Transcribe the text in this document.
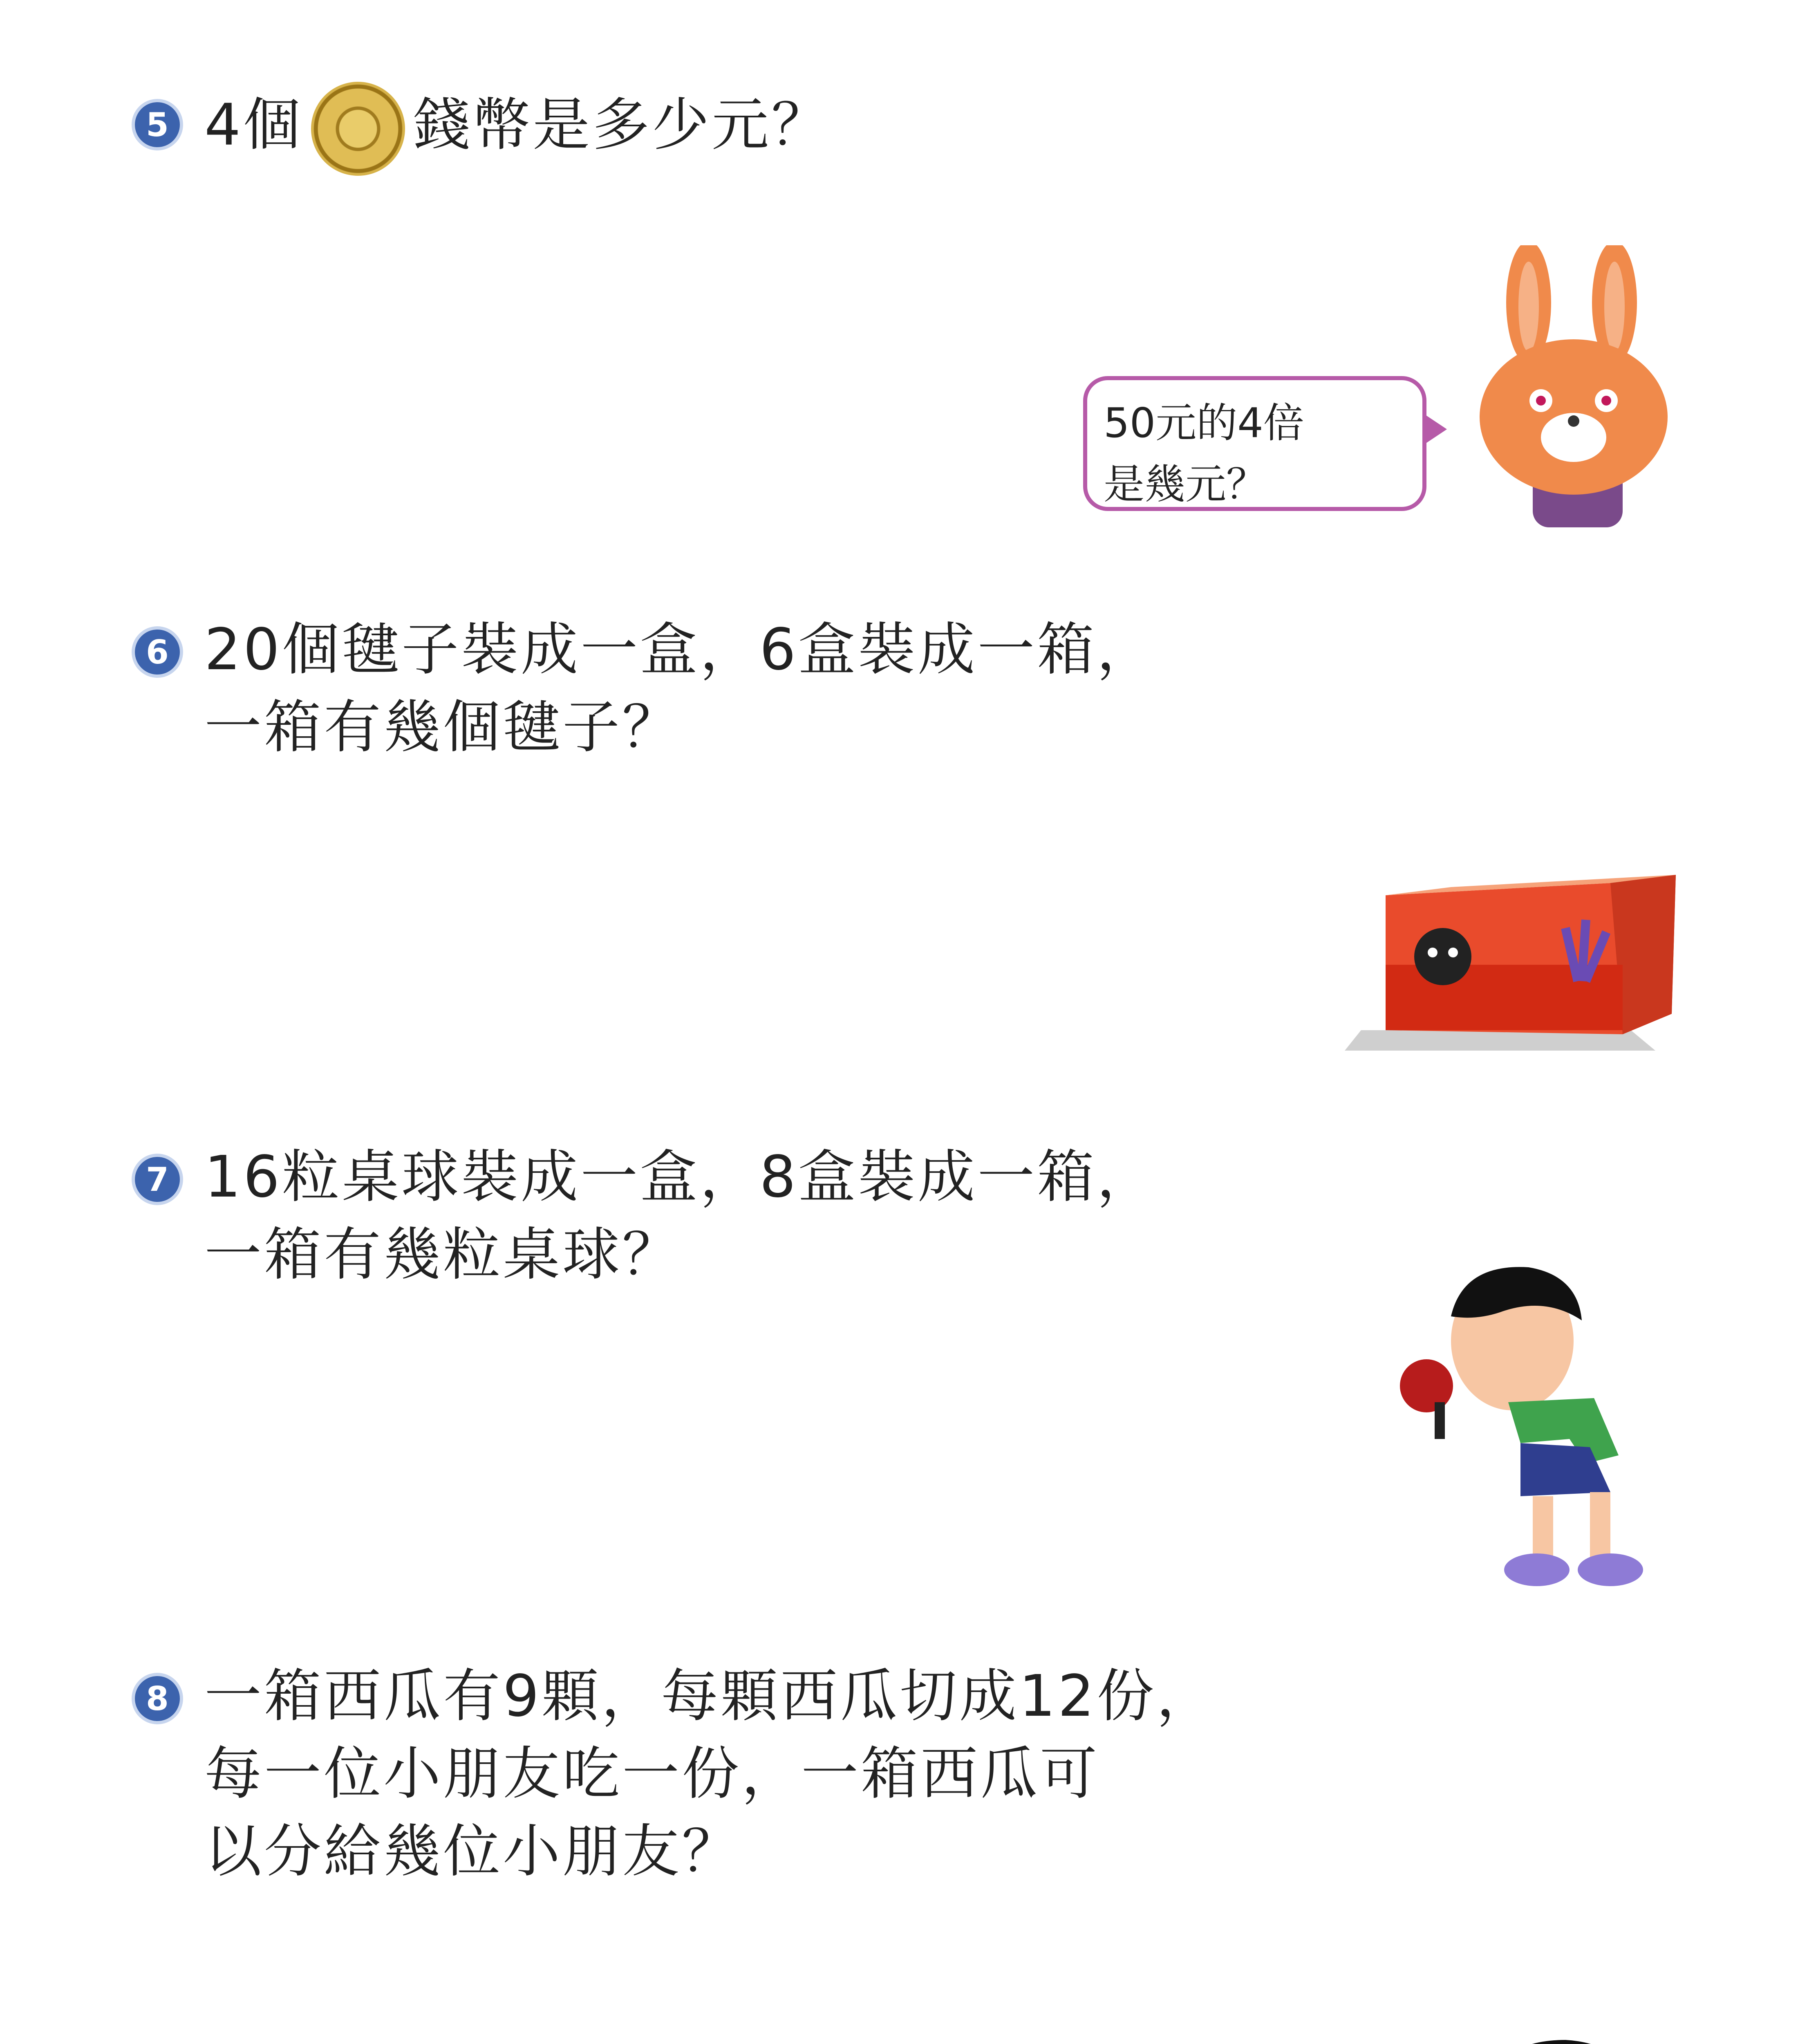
5 4個 錢幣是多少元？
50元的4倍
是幾元？
6 20個毽子裝成一盒，6盒裝成一箱，
一箱有幾個毽子？
7 16粒桌球裝成一盒，8盒裝成一箱，
一箱有幾粒桌球？
8 一箱西瓜有9顆，每顆西瓜切成12份，
每一位小朋友吃一份，一箱西瓜可
以分給幾位小朋友？
